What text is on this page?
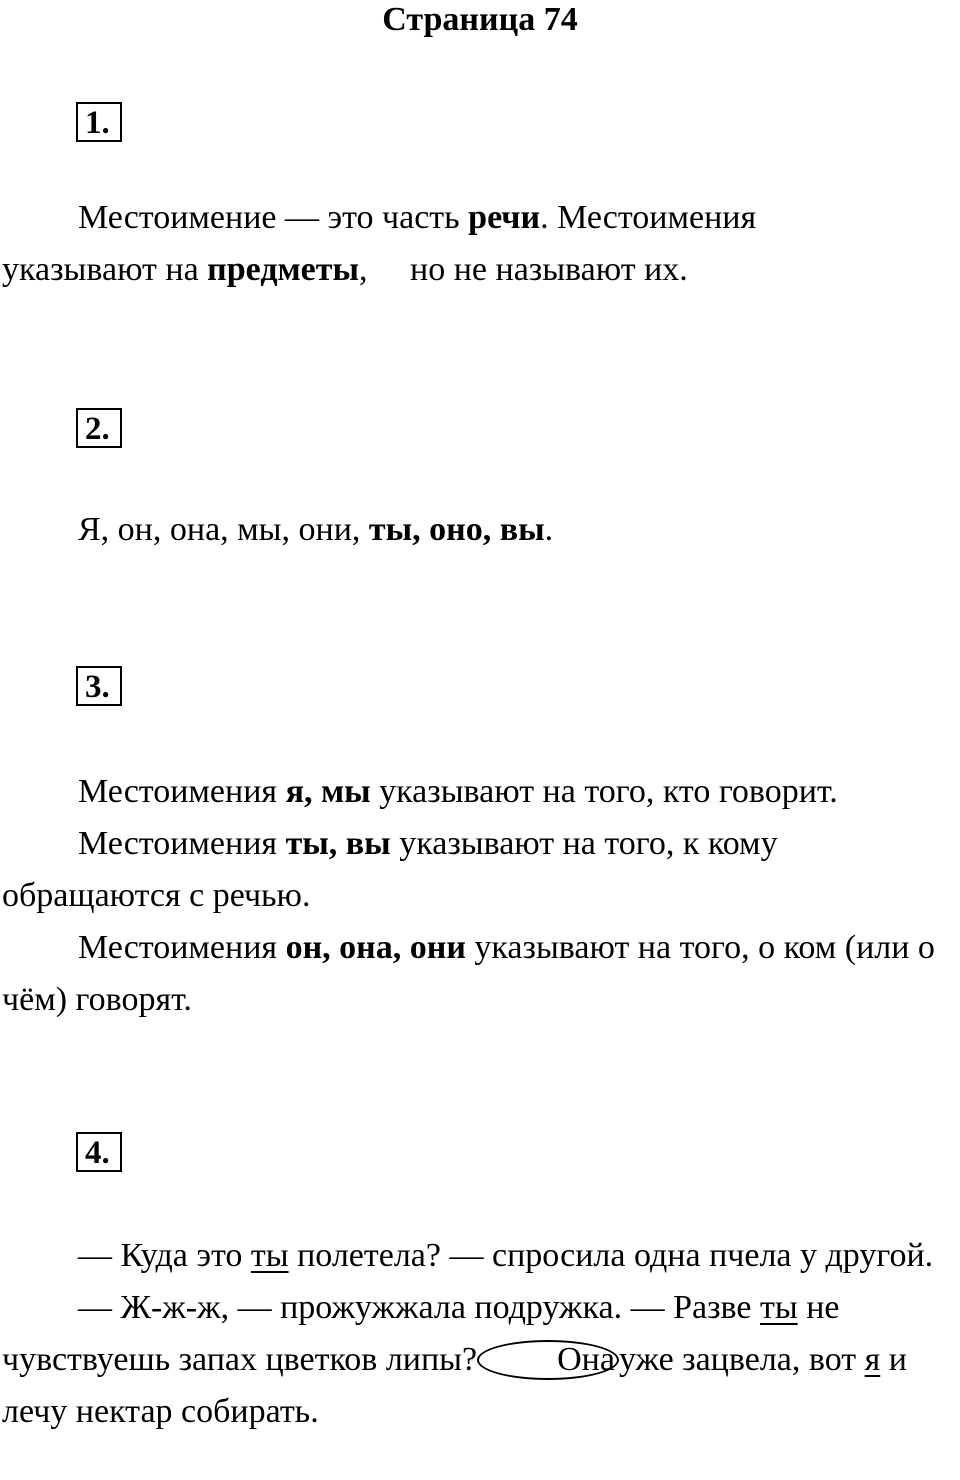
Страница 74
1.

Местоимение — это часть речи. Местоимения

указывают на предметы,     но не называют их.
2.

Я, он, она, мы, они, ты, оно, вы.

3.

Местоимения я, мы указывают на того, кто говорит.

Местоимения ты, вы указывают на того, к кому обращаются с речью.

Местоимения он, она, они указывают на того, о ком (или о чём) говорят.

4.

— Куда это ты полетела? — спросила одна пчела у другой.

— Ж-ж-ж, — прожужжала подружка. — Разве ты не чувствуешь запах цветков липы? Она уже зацвела, вот я и лечу нектар собирать.
